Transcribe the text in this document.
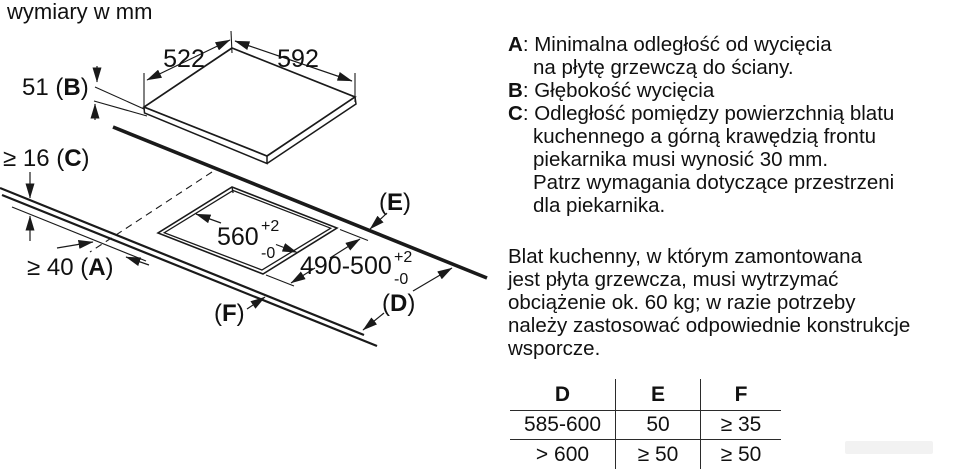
wymiary w mm
522	592
51 (B)
≥ 16 (C)
≥ 40 (A)
560 +2 -0 490-500 +2 -0
(E)
(D)
(F)
A: Minimalna odległość od wycięcia
na płytę grzewczą do ściany.
B: Głębokość wycięcia
C: Odległość pomiędzy powierzchnią blatu
kuchennego a górną krawędzią frontu
piekarnika musi wynosić 30 mm.
Patrz wymagania dotyczące przestrzeni
dla piekarnika.
Blat kuchenny, w którym zamontowana
jest płyta grzewcza, musi wytrzymać
obciążenie ok. 60 kg; w razie potrzeby
należy zastosować odpowiednie konstrukcje
wsporcze.
D	E	F
585-600	50	≥ 35
> 600	≥ 50	≥ 50
